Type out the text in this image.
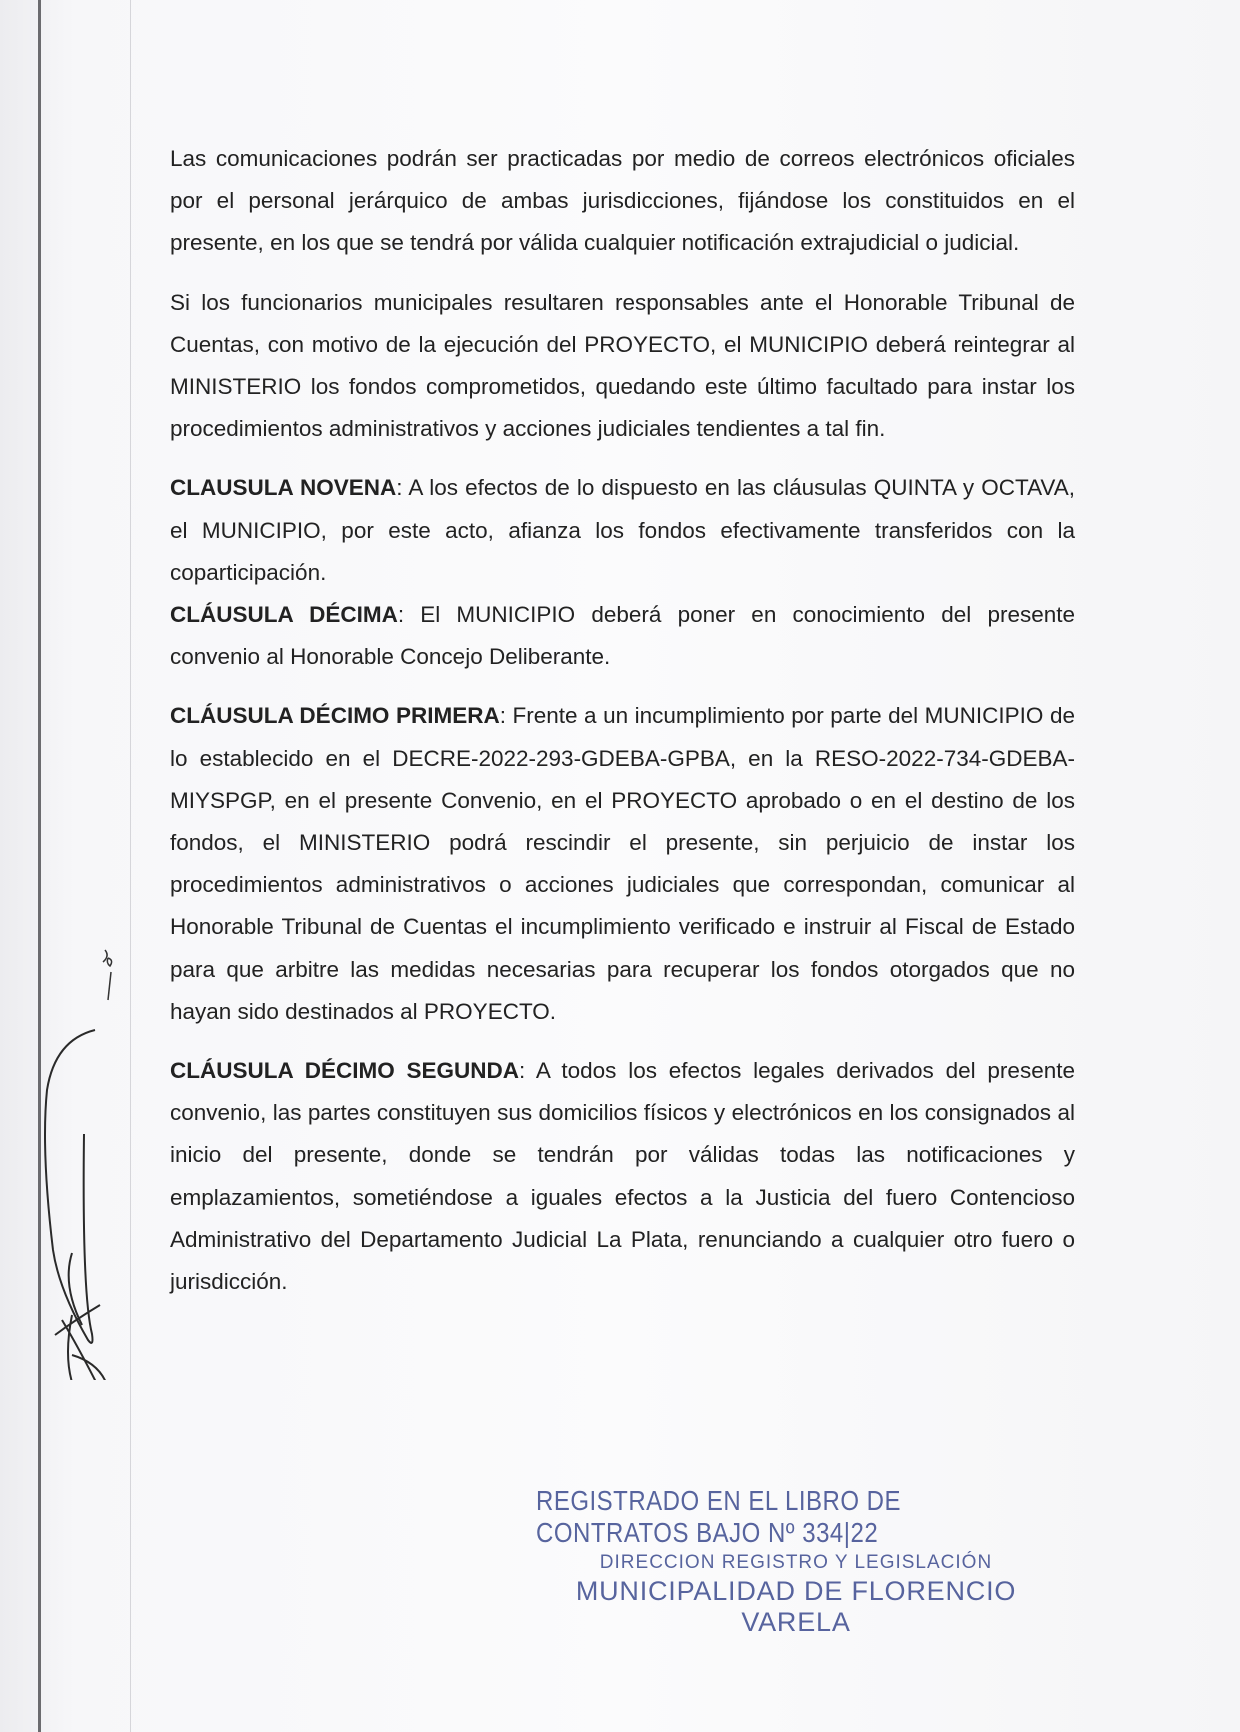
Las comunicaciones podrán ser practicadas por medio de correos electrónicos oficiales por el personal jerárquico de ambas jurisdicciones, fijándose los constituidos en el presente, en los que se tendrá por válida cualquier notificación extrajudicial o judicial.

Si los funcionarios municipales resultaren responsables ante el Honorable Tribunal de Cuentas, con motivo de la ejecución del PROYECTO, el MUNICIPIO deberá reintegrar al MINISTERIO los fondos comprometidos, quedando este último facultado para instar los procedimientos administrativos y acciones judiciales tendientes a tal fin.

CLAUSULA NOVENA: A los efectos de lo dispuesto en las cláusulas QUINTA y OCTAVA, el MUNICIPIO, por este acto, afianza los fondos efectivamente transferidos con la coparticipación.

CLÁUSULA DÉCIMA: El MUNICIPIO deberá poner en conocimiento del presente convenio al Honorable Concejo Deliberante.

CLÁUSULA DÉCIMO PRIMERA: Frente a un incumplimiento por parte del MUNICIPIO de lo establecido en el DECRE-2022-293-GDEBA-GPBA, en la RESO-2022-734-GDEBA-MIYSPGP, en el presente Convenio, en el PROYECTO aprobado o en el destino de los fondos, el MINISTERIO podrá rescindir el presente, sin perjuicio de instar los procedimientos administrativos o acciones judiciales que correspondan, comunicar al Honorable Tribunal de Cuentas el incumplimiento verificado e instruir al Fiscal de Estado para que arbitre las medidas necesarias para recuperar los fondos otorgados que no hayan sido destinados al PROYECTO.

CLÁUSULA DÉCIMO SEGUNDA: A todos los efectos legales derivados del presente convenio, las partes constituyen sus domicilios físicos y electrónicos en los consignados al inicio del presente, donde se tendrán por válidas todas las notificaciones y emplazamientos, sometiéndose a iguales efectos a la Justicia del fuero Contencioso Administrativo del Departamento Judicial La Plata, renunciando a cualquier otro fuero o jurisdicción.

REGISTRADO EN EL LIBRO DE CONTRATOS BAJO Nº 334|22
DIRECCION REGISTRO Y LEGISLACIÓN
MUNICIPALIDAD DE FLORENCIO VARELA
